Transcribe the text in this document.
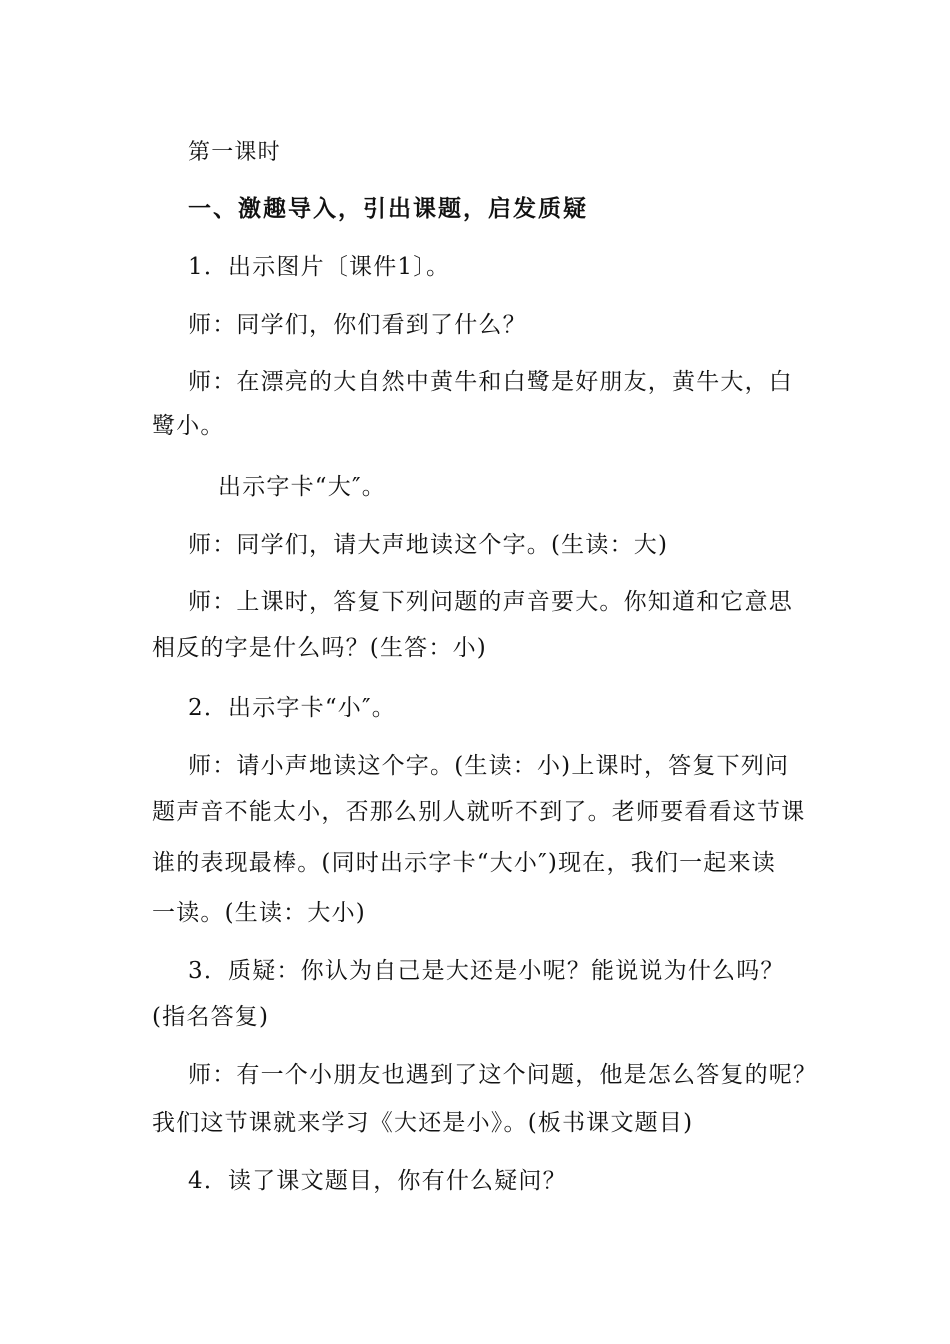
第一课时
一、激趣导入，引出课题，启发质疑
1．出示图片〔课件1〕。
师：同学们，你们看到了什么？
师：在漂亮的大自然中黄牛和白鹭是好朋友，黄牛大，白
鹭小。
出示字卡“大″。
师：同学们，请大声地读这个字。(生读：大)
师：上课时，答复下列问题的声音要大。你知道和它意思
相反的字是什么吗？(生答：小)
2．出示字卡“小″。
师：请小声地读这个字。(生读：小)上课时，答复下列问
题声音不能太小，否那么别人就听不到了。老师要看看这节课
谁的表现最棒。(同时出示字卡“大小″)现在，我们一起来读
一读。(生读：大小)
3．质疑：你认为自己是大还是小呢？能说说为什么吗？
(指名答复)
师：有一个小朋友也遇到了这个问题，他是怎么答复的呢？
我们这节课就来学习《大还是小》。(板书课文题目)
4．读了课文题目，你有什么疑问？
